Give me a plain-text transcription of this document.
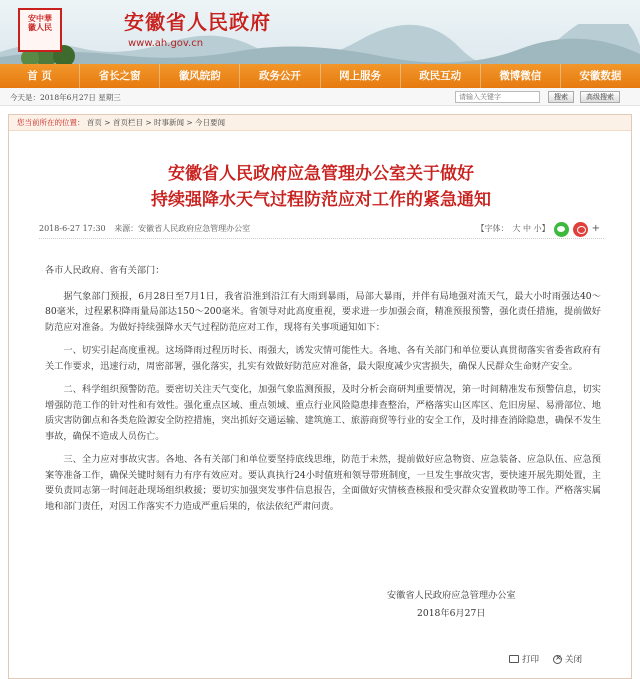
安中華
徽人民	安徽省人民政府
www.ah.gov.cn
首 页	省长之窗	徽风皖韵	政务公开	网上服务	政民互动	微博微信	安徽数据
今天是：2018年6月27日 星期三
请输入关键字	搜索	高级搜索
您当前所在的位置： 首页 > 首页栏目 > 时事新闻 > 今日要闻
安徽省人民政府应急管理办公室关于做好
持续强降水天气过程防范应对工作的紧急通知
2018-6-27 17:30 来源：安徽省人民政府应急管理办公室	【字体： 大 中 小】	+

各市人民政府、省有关部门：

据气象部门预报，6月28日至7月1日，我省沿淮到沿江有大雨到暴雨，局部大暴雨，并伴有局地强对流天气，最大小时雨强达40～80毫米，过程累积降雨量局部达150～200毫米。省领导对此高度重视，要求进一步加强会商，精准预报预警，强化责任措施，提前做好防范应对准备。为做好持续强降水天气过程防范应对工作，现将有关事项通知如下：

一、切实引起高度重视。这场降雨过程历时长、雨强大，诱发灾情可能性大。各地、各有关部门和单位要认真贯彻落实省委省政府有关工作要求，迅速行动，周密部署，强化落实，扎实有效做好防范应对准备，最大限度减少灾害损失，确保人民群众生命财产安全。

二、科学组织预警防范。要密切关注天气变化，加强气象监测预报，及时分析会商研判重要情况，第一时间精准发布预警信息，切实增强防范工作的针对性和有效性。强化重点区域、重点领域、重点行业风险隐患排查整治，严格落实山区库区、危旧房屋、易滑部位、地质灾害防御点和各类危险源安全防控措施，突出抓好交通运输、建筑施工、旅游商贸等行业的安全工作，及时排查消除隐患，确保不发生事故，确保不造成人员伤亡。

三、全力应对事故灾害。各地、各有关部门和单位要坚持底线思维，防范于未然，提前做好应急物资、应急装备、应急队伍、应急预案等准备工作，确保关键时刻有力有序有效应对。要认真执行24小时值班和领导带班制度，一旦发生事故灾害，要快速开展先期处置，主要负责同志第一时间赶赴现场组织救援；要切实加强突发事件信息报告，全面做好灾情核查核报和受灾群众安置救助等工作。严格落实属地和部门责任，对因工作落实不力造成严重后果的，依法依纪严肃问责。

安徽省人民政府应急管理办公室
2018年6月27日
打印
×	关闭
